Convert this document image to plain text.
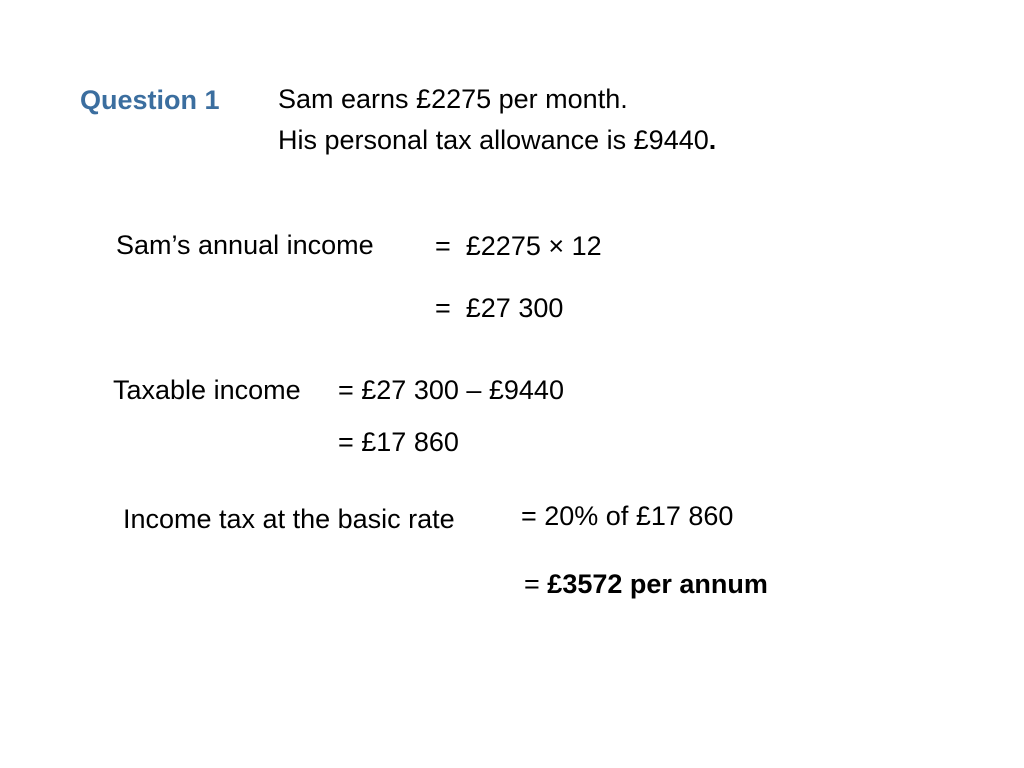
Question 1 Sam earns £2275 per month.
His personal tax allowance is £9440.
Sam’s annual income =  £2275 × 12
=  £27 300
Taxable income = £27 300 – £9440
= £17 860
Income tax at the basic rate = 20% of £17 860
= £3572 per annum
